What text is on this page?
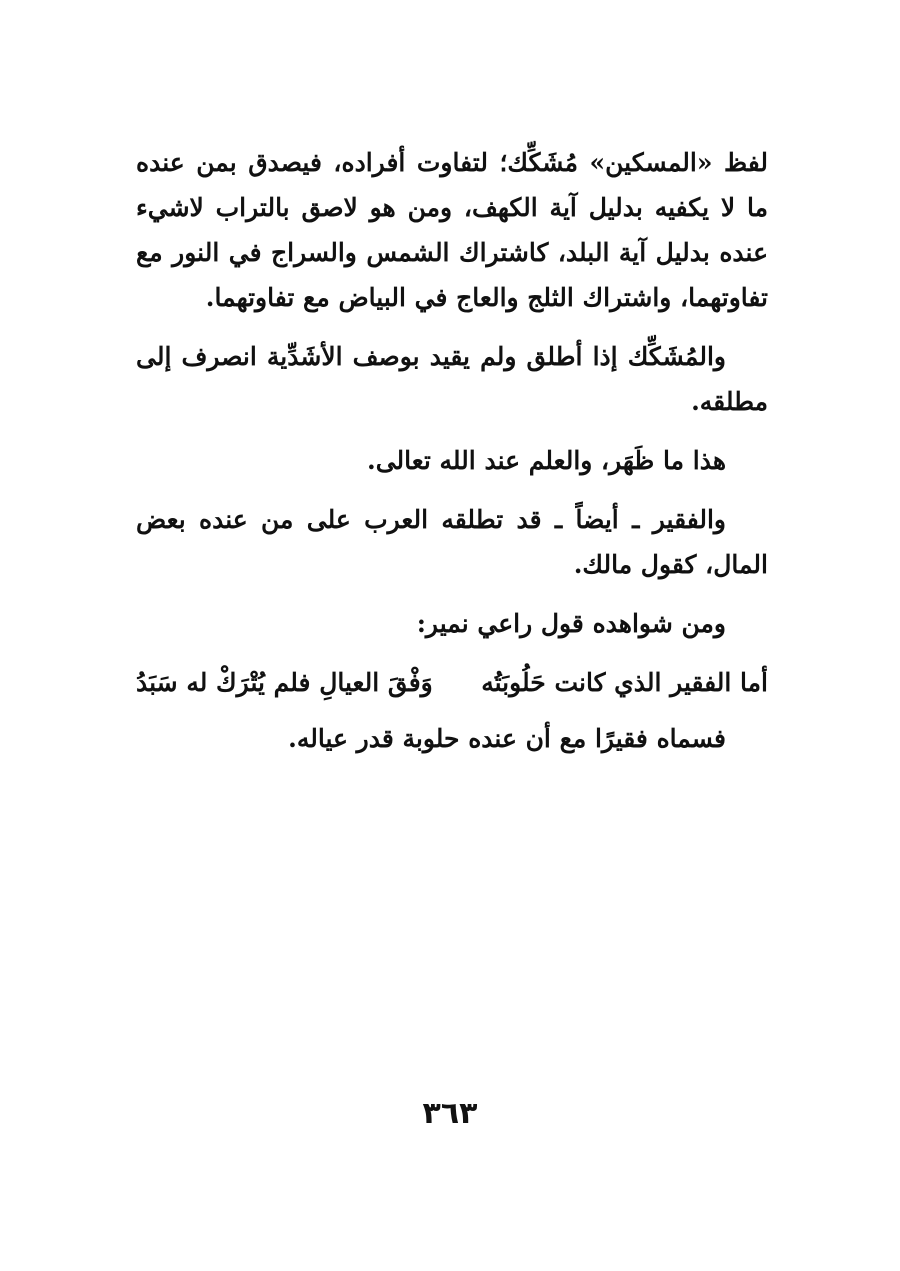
لفظ «المسكين» مُشَكِّك؛ لتفاوت أفراده، فيصدق بمن عنده ما لا يكفيه بدليل آية الكهف، ومن هو لاصق بالتراب لاشيء عنده بدليل آية البلد، كاشتراك الشمس والسراج في النور مع تفاوتهما، واشتراك الثلج والعاج في البياض مع تفاوتهما.

والمُشَكِّك إذا أطلق ولم يقيد بوصف الأشَدِّية انصرف إلى مطلقه.

هذا ما ظَهَر، والعلم عند الله تعالى.

والفقير ـ أيضاً ـ قد تطلقه العرب على من عنده بعض المال، كقول مالك.

ومن شواهده قول راعي نمير:

أما الفقير الذي كانت حَلُوبَتُه
وَفْقَ العيالِ فلم يُتْرَكْ له سَبَدُ

فسماه فقيرًا مع أن عنده حلوبة قدر عياله.

٣٦٣
